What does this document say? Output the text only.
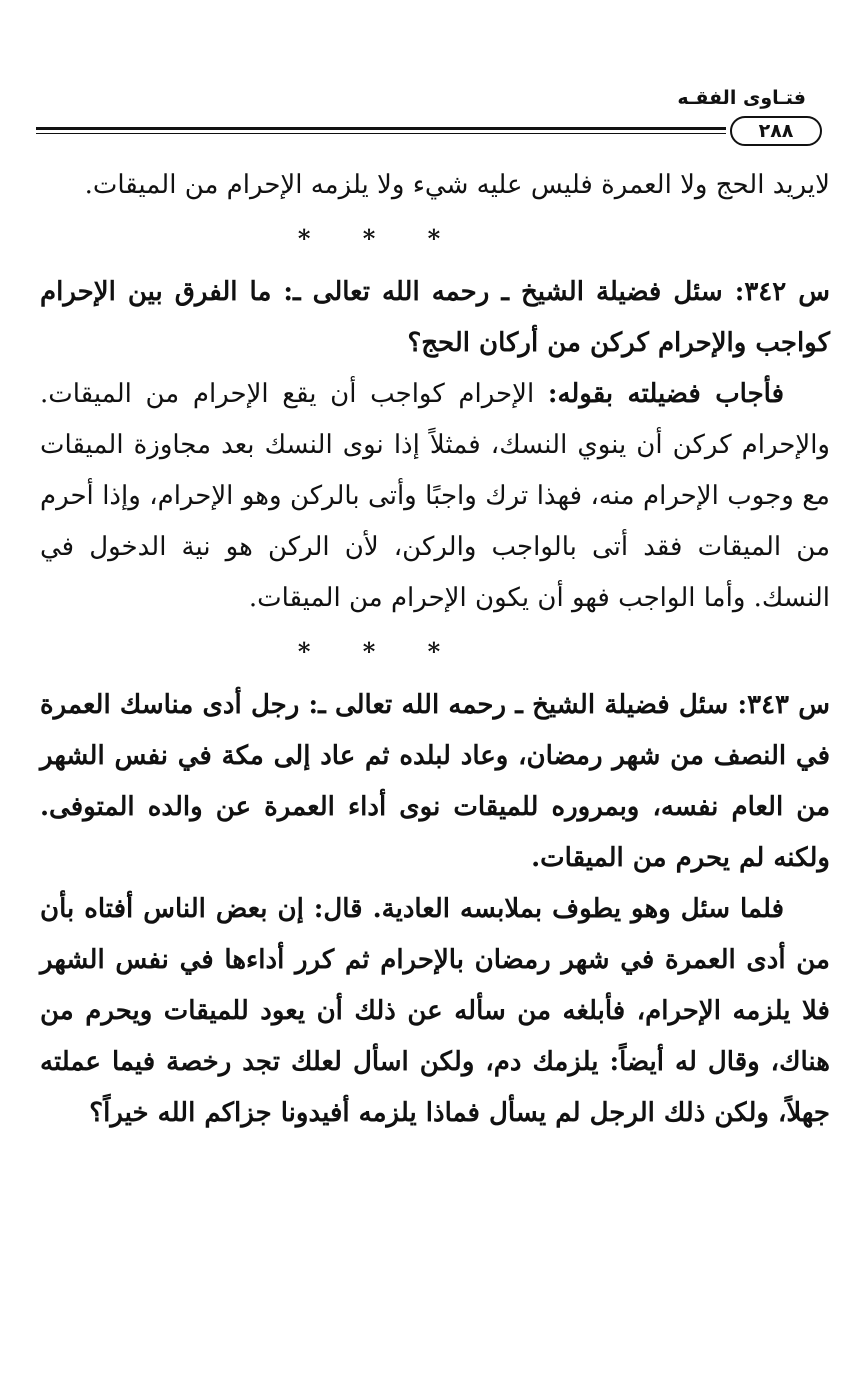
فتـاوى الفقـه
٢٨٨

لايريد الحج ولا العمرة فليس عليه شيء ولا يلزمه الإحرام من الميقات.

* * *

س ٣٤٢: سئل فضيلة الشيخ ـ رحمه الله تعالى ـ: ما الفرق بين الإحرام كواجب والإحرام كركن من أركان الحج؟

فأجاب فضيلته بقوله: الإحرام كواجب أن يقع الإحرام من الميقات. والإحرام كركن أن ينوي النسك، فمثلاً إذا نوى النسك بعد مجاوزة الميقات مع وجوب الإحرام منه، فهذا ترك واجبًا وأتى بالركن وهو الإحرام، وإذا أحرم من الميقات فقد أتى بالواجب والركن، لأن الركن هو نية الدخول في النسك. وأما الواجب فهو أن يكون الإحرام من الميقات.

* * *

س ٣٤٣: سئل فضيلة الشيخ ـ رحمه الله تعالى ـ: رجل أدى مناسك العمرة في النصف من شهر رمضان، وعاد لبلده ثم عاد إلى مكة في نفس الشهر من العام نفسه، وبمروره للميقات نوى أداء العمرة عن والده المتوفى. ولكنه لم يحرم من الميقات.

فلما سئل وهو يطوف بملابسه العادية. قال: إن بعض الناس أفتاه بأن من أدى العمرة في شهر رمضان بالإحرام ثم كرر أداءها في نفس الشهر فلا يلزمه الإحرام، فأبلغه من سأله عن ذلك أن يعود للميقات ويحرم من هناك، وقال له أيضاً: يلزمك دم، ولكن اسأل لعلك تجد رخصة فيما عملته جهلاً، ولكن ذلك الرجل لم يسأل فماذا يلزمه أفيدونا جزاكم الله خيراً؟
